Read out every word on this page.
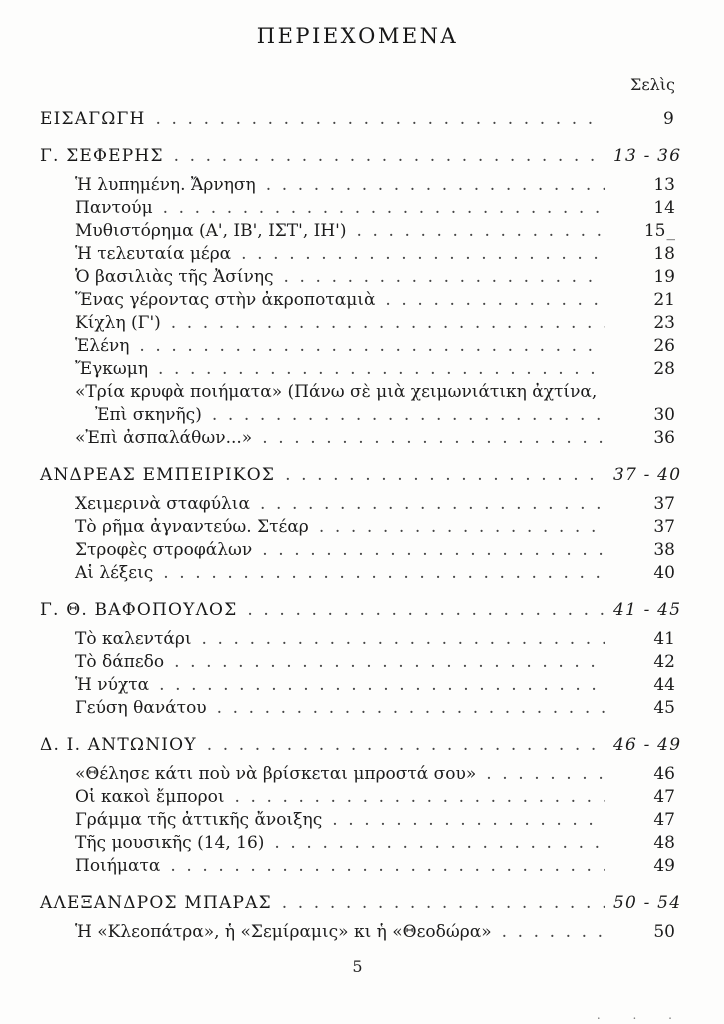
ΠΕΡΙΕΧΟΜΕΝΑ
Σελὶς
ΕΙΣΑΓΩΓΗ . . .	9
Γ. ΣΕΦΕΡΗΣ . . .	13 - 36
Ἡ λυπημένη. Ἄρνηση . . .	13
Παντούμ . . .	14
Μυθιστόρημα (Α', ΙΒ', ΙΣΤ', ΙΗ') . . .	15_
Ἡ τελευταία μέρα . . .	18
Ὁ βασιλιὰς τῆς Ἀσίνης . . .	19
Ἕνας γέροντας στὴν ἀκροποταμιὰ . . .	21
Κίχλη (Γ') . . .	23
Ἑλένη . . .	26
Ἔγκωμη . . .	28
«Τρία κρυφὰ ποιήματα» (Πάνω σὲ μιὰ χειμωνιάτικη ἀχτίνα,
Ἐπὶ σκηνῆς) . . .	30
«Ἐπὶ ἀσπαλάθων...» . . .	36
ΑΝΔΡΕΑΣ ΕΜΠΕΙΡΙΚΟΣ . . .	37 - 40
Χειμερινὰ σταφύλια . . .	37
Τὸ ρῆμα ἀγναντεύω. Στέαρ . . .	37
Στροφὲς στροφάλων . . .	38
Αἱ λέξεις . . .	40
Γ. Θ. ΒΑΦΟΠΟΥΛΟΣ . . .	41 - 45
Τὸ καλεντάρι . . .	41
Τὸ δάπεδο . . .	42
Ἡ νύχτα . . .	44
Γεύση θανάτου . . .	45
Δ. Ι. ΑΝΤΩΝΙΟΥ . . .	46 - 49
«Θέλησε κάτι ποὺ νὰ βρίσκεται μπροστά σου» . . .	46
Οἱ κακοὶ ἔμποροι . . .	47
Γράμμα τῆς ἀττικῆς ἄνοιξης . . .	47
Τῆς μουσικῆς (14, 16) . . .	48
Ποιήματα . . .	49
ΑΛΕΞΑΝΔΡΟΣ ΜΠΑΡΑΣ . . .	50 - 54
Ἡ «Κλεοπάτρα», ἡ «Σεμίραμις» κι ἡ «Θεοδώρα» . . .	50
5
. . .
